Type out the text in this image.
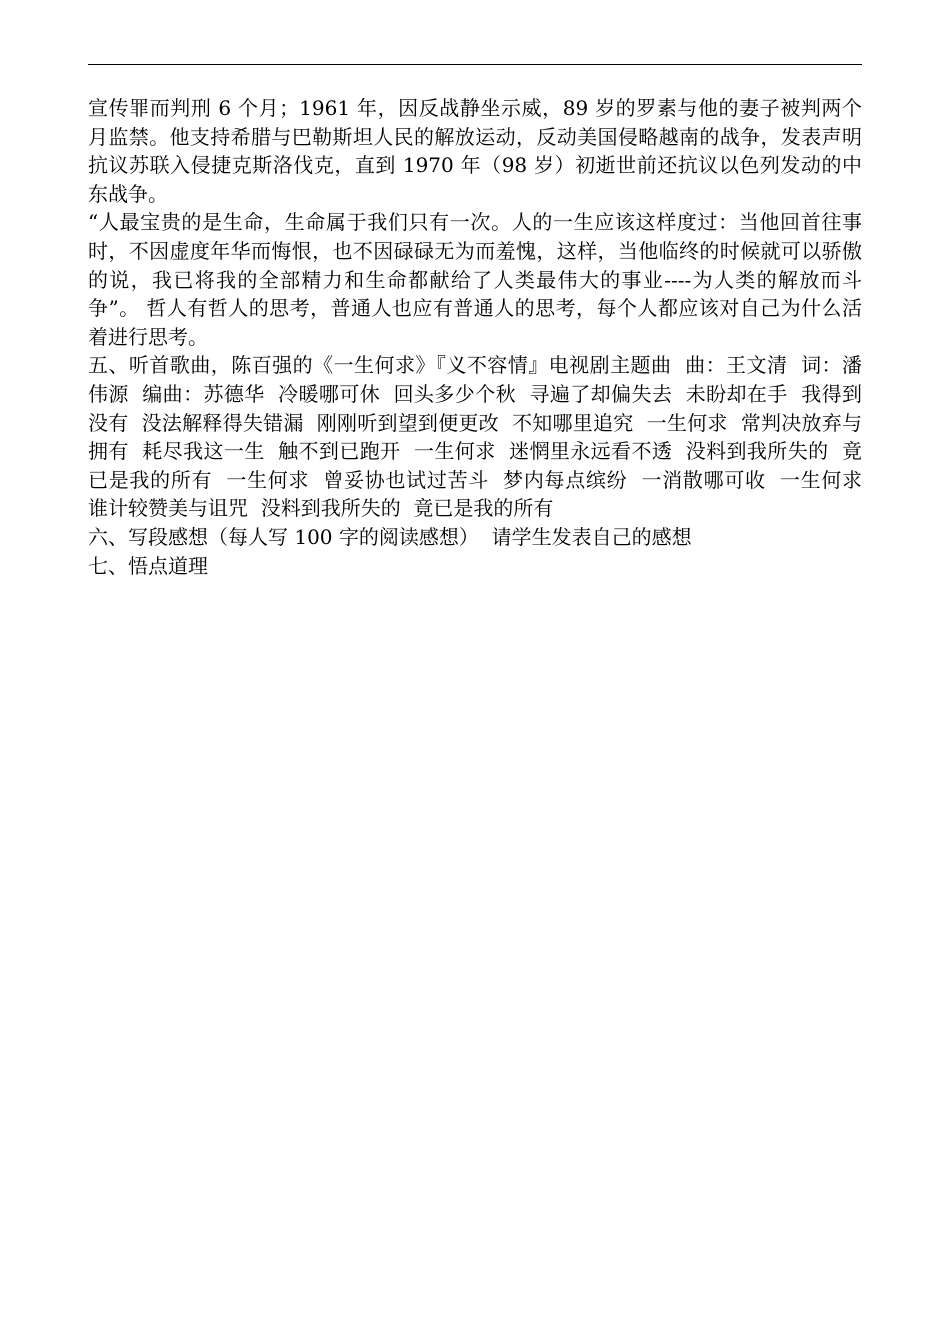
宣传罪而判刑 6 个月；1961 年，因反战静坐示威，89 岁的罗素与他的妻子被判两个月监禁。他支持希腊与巴勒斯坦人民的解放运动，反动美国侵略越南的战争，发表声明抗议苏联入侵捷克斯洛伐克，直到 1970 年（98 岁）初逝世前还抗议以色列发动的中东战争。

“人最宝贵的是生命，生命属于我们只有一次。人的一生应该这样度过：当他回首往事时，不因虚度年华而悔恨，也不因碌碌无为而羞愧，这样，当他临终的时候就可以骄傲的说，我已将我的全部精力和生命都献给了人类最伟大的事业----为人类的解放而斗争”。 哲人有哲人的思考，普通人也应有普通人的思考，每个人都应该对自己为什么活着进行思考。

五、听首歌曲，陈百强的《一生何求》『义不容情』电视剧主题曲  曲：王文清  词：潘伟源  编曲：苏德华  冷暖哪可休  回头多少个秋  寻遍了却偏失去  未盼却在手  我得到没有  没法解释得失错漏  刚刚听到望到便更改  不知哪里追究  一生何求  常判决放弃与拥有  耗尽我这一生  触不到已跑开  一生何求  迷惘里永远看不透  没料到我所失的  竟已是我的所有  一生何求  曾妥协也试过苦斗  梦内每点缤纷  一消散哪可收  一生何求  谁计较赞美与诅咒  没料到我所失的  竟已是我的所有

六、写段感想（每人写 100 字的阅读感想）  请学生发表自己的感想

七、悟点道理
